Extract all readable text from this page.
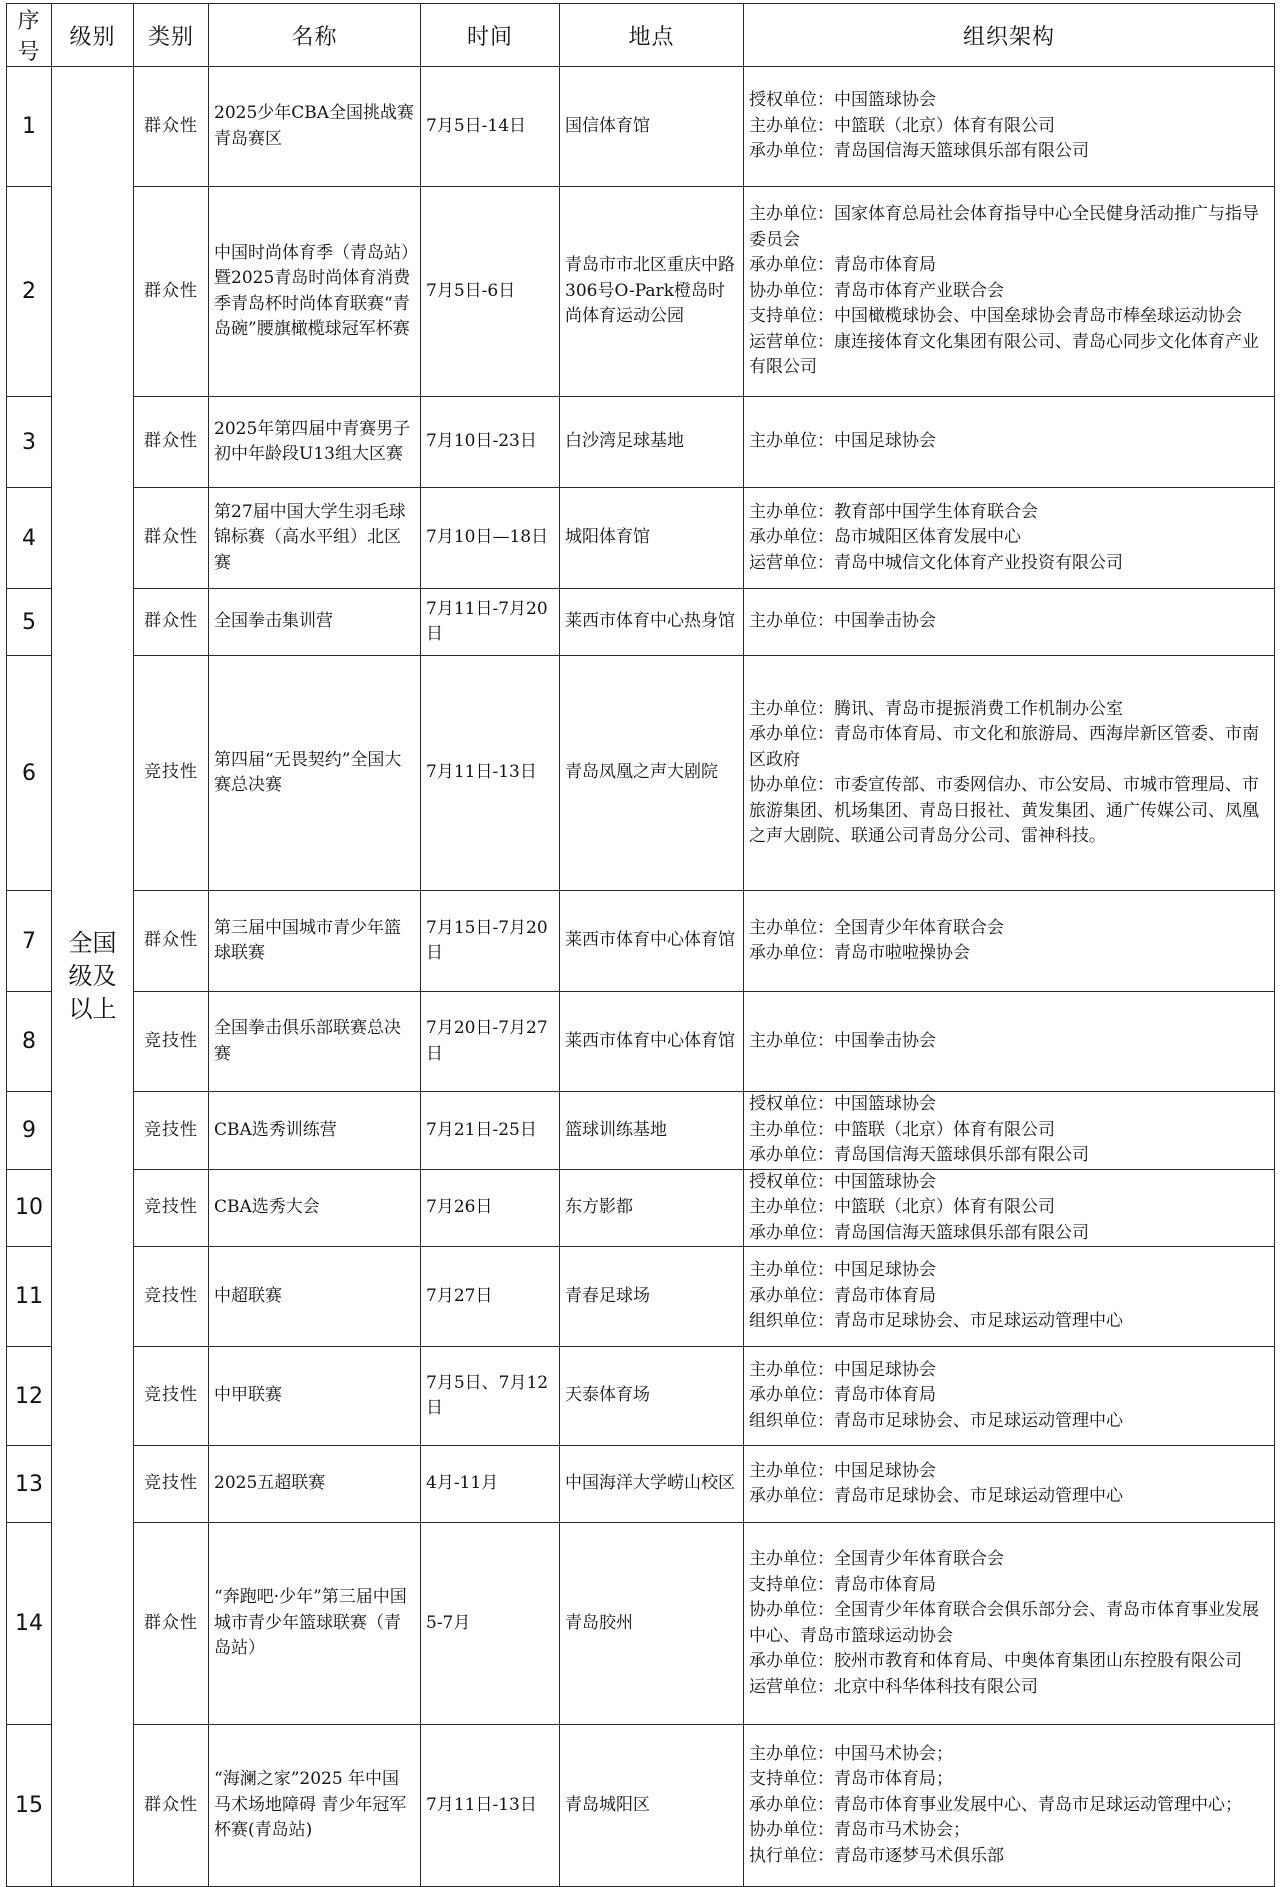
序号	级别	类别	名称	时间	地点	组织架构
1	全国级及以上	群众性	2025少年CBA全国挑战赛青岛赛区	7月5日-14日	国信体育馆	授权单位：中国篮球协会
主办单位：中篮联（北京）体育有限公司
承办单位：青岛国信海天篮球俱乐部有限公司

2		群众性	中国时尚体育季（青岛站）暨2025青岛时尚体育消费季青岛杯时尚体育联赛“青岛碗”腰旗橄榄球冠军杯赛	7月5日-6日	青岛市市北区重庆中路306号O-Park橙岛时尚体育运动公园	主办单位：国家体育总局社会体育指导中心全民健身活动推广与指导委员会
承办单位：青岛市体育局
协办单位：青岛市体育产业联合会
支持单位：中国橄榄球协会、中国垒球协会青岛市棒垒球运动协会
运营单位：康连接体育文化集团有限公司、青岛心同步文化体育产业有限公司

3		群众性	2025年第四届中青赛男子初中年龄段U13组大区赛	7月10日-23日	白沙湾足球基地	主办单位：中国足球协会

4		群众性	第27届中国大学生羽毛球锦标赛（高水平组）北区赛	7月10日—18日	城阳体育馆	主办单位：教育部中国学生体育联合会
承办单位：岛市城阳区体育发展中心
运营单位：青岛中城信文化体育产业投资有限公司

5		群众性	全国拳击集训营	7月11日-7月20日	莱西市体育中心热身馆	主办单位：中国拳击协会

6		竞技性	第四届“无畏契约”全国大赛总决赛	7月11日-13日	青岛凤凰之声大剧院	主办单位：腾讯、青岛市提振消费工作机制办公室
承办单位：青岛市体育局、市文化和旅游局、西海岸新区管委、市南区政府
协办单位：市委宣传部、市委网信办、市公安局、市城市管理局、市旅游集团、机场集团、青岛日报社、黄发集团、通广传媒公司、凤凰之声大剧院、联通公司青岛分公司、雷神科技。

7		群众性	第三届中国城市青少年篮球联赛	7月15日-7月20日	莱西市体育中心体育馆	主办单位：全国青少年体育联合会
承办单位：青岛市啦啦操协会

8		竞技性	全国拳击俱乐部联赛总决赛	7月20日-7月27日	莱西市体育中心体育馆	主办单位：中国拳击协会

9		竞技性	CBA选秀训练营	7月21日-25日	篮球训练基地	授权单位：中国篮球协会
主办单位：中篮联（北京）体育有限公司
承办单位：青岛国信海天篮球俱乐部有限公司

10		竞技性	CBA选秀大会	7月26日	东方影都	授权单位：中国篮球协会
主办单位：中篮联（北京）体育有限公司
承办单位：青岛国信海天篮球俱乐部有限公司

11		竞技性	中超联赛	7月27日	青春足球场	主办单位：中国足球协会
承办单位：青岛市体育局
组织单位：青岛市足球协会、市足球运动管理中心

12		竞技性	中甲联赛	7月5日、7月12日	天泰体育场	主办单位：中国足球协会
承办单位：青岛市体育局
组织单位：青岛市足球协会、市足球运动管理中心

13		竞技性	2025五超联赛	4月-11月	中国海洋大学崂山校区	主办单位：中国足球协会
承办单位：青岛市足球协会、市足球运动管理中心

14		群众性	“奔跑吧·少年”第三届中国城市青少年篮球联赛（青岛站）	5-7月	青岛胶州	主办单位：全国青少年体育联合会
支持单位：青岛市体育局
协办单位：全国青少年体育联合会俱乐部分会、青岛市体育事业发展中心、青岛市篮球运动协会
承办单位：胶州市教育和体育局、中奥体育集团山东控股有限公司
运营单位：北京中科华体科技有限公司

15		群众性	“海澜之家”2025 年中国马术场地障碍 青少年冠军杯赛(青岛站)	7月11日-13日	青岛城阳区	主办单位：中国马术协会；
支持单位：青岛市体育局；
承办单位：青岛市体育事业发展中心、青岛市足球运动管理中心；
协办单位：青岛市马术协会；
执行单位：青岛市逐梦马术俱乐部
